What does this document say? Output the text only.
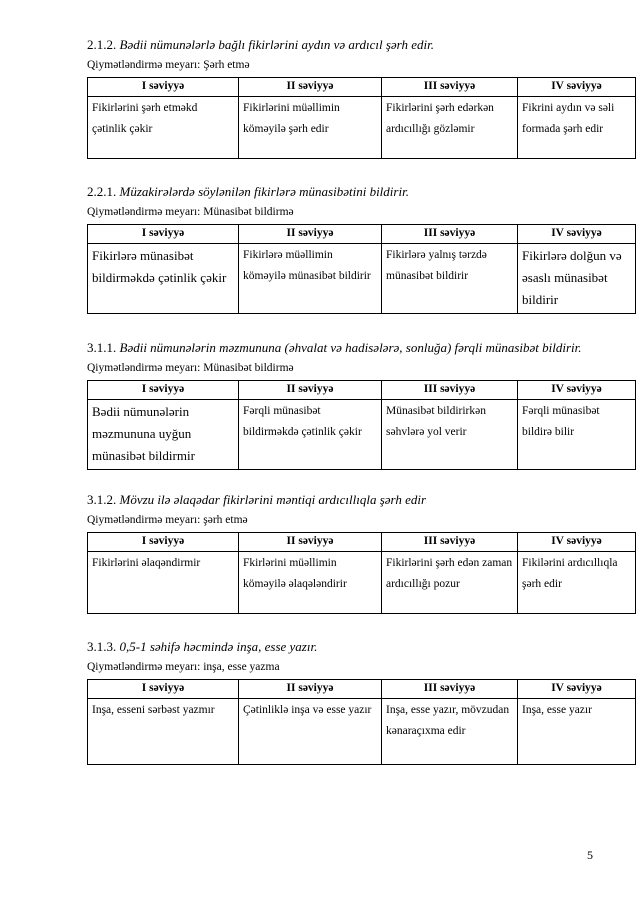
2.1.2. Bədii nümunələrlə bağlı fikirlərini aydın və ardıcıl şərh edir.
Qiymətləndirmə meyarı: Şərh etmə
I səviyyə	II səviyyə	III səviyyə	IV səviyyə
Fikirlərini şərh etməkd çətinlik çəkir	Fikirlərini müəllimin köməyilə şərh edir	Fikirlərini şərh edərkən ardıcıllığı gözləmir	Fikrini aydın və səli formada şərh edir
2.2.1. Müzakirələrdə söylənilən fikirlərə münasibətini bildirir.
Qiymətləndirmə meyarı: Münasibət bildirmə
I səviyyə	II səviyyə	III səviyyə	IV səviyyə
Fikirlərə münasibət bildirməkdə çətinlik çəkir	Fikirlərə müəllimin köməyilə münasibət bildirir	Fikirlərə yalnış tərzdə münasibət bildirir	Fikirlərə dolğun və əsaslı münasibət bildirir
3.1.1. Bədii nümunələrin məzmununa (əhvalat və hadisələrə, sonluğa) fərqli münasibət bildirir.
Qiymətləndirmə meyarı: Münasibət bildirmə
I səviyyə	II səviyyə	III səviyyə	IV səviyyə
Bədii nümunələrin məzmununa uyğun münasibət bildirmir	Fərqli münasibət bildirməkdə çətinlik çəkir	Münasibət bildirirkən səhvlərə yol verir	Fərqli münasibət bildirə bilir
3.1.2. Mövzu ilə əlaqədar fikirlərini məntiqi ardıcıllıqla şərh edir
Qiymətləndirmə meyarı: şərh etmə
I səviyyə	II səviyyə	III səviyyə	IV səviyyə
Fikirlərini əlaqəndirmir	Fkirlərini müəllimin köməyilə əlaqələndirir	Fikirlərini şərh edən zaman ardıcıllığı pozur	Fikilərini ardıcıllıqla şərh edir
3.1.3. 0,5-1 səhifə həcmində inşa, esse yazır.
Qiymətləndirmə meyarı: inşa, esse yazma
I səviyyə	II səviyyə	III səviyyə	IV səviyyə
Inşa, esseni sərbəst yazmır	Çətinliklə inşa və esse yazır	Inşa, esse yazır, mövzudan kənaraçıxma edir	Inşa, esse yazır
5
